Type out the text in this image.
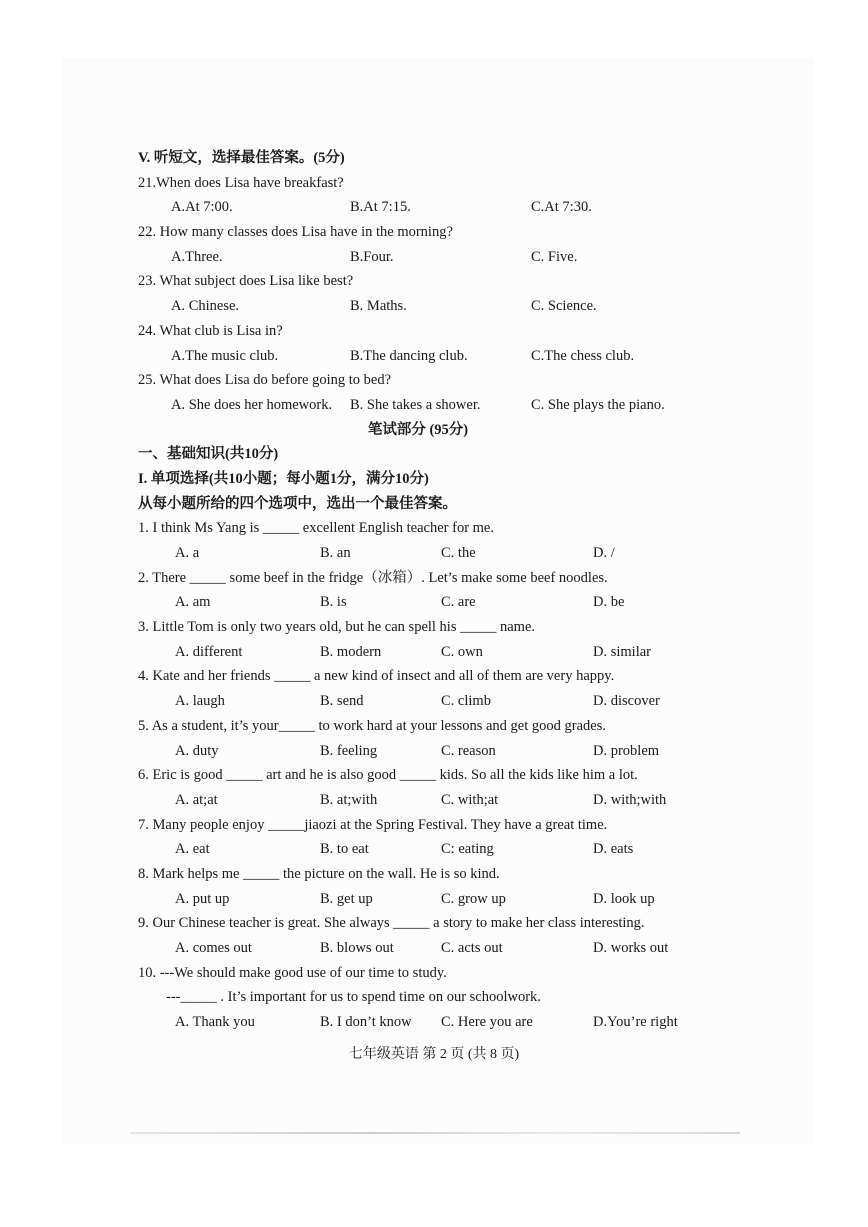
V. 听短文，选择最佳答案。(5分)
21.When does Lisa have breakfast?
A.At 7:00.	B.At 7:15.	C.At 7:30.
22. How many classes does Lisa have in the morning?
A.Three.	B.Four.	C. Five.
23. What subject does Lisa like best?
A. Chinese.	B. Maths.	C. Science.
24. What club is Lisa in?
A.The music club.	B.The dancing club.	C.The chess club.
25. What does Lisa do before going to bed?
A. She does her homework. B. She takes a shower.	C. She plays the piano.
笔试部分 (95分)
一、基础知识(共10分)
I. 单项选择(共10小题；每小题1分，满分10分)
从每小题所给的四个选项中，选出一个最佳答案。
1. I think Ms Yang is _____ excellent English teacher for me.
A. a	B. an	C. the	D. /
2. There _____ some beef in the fridge（冰箱）. Let’s make some beef noodles.
A. am	B. is	C. are	D. be
3. Little Tom is only two years old, but he can spell his _____ name.
A. different	B. modern	C. own	D. similar
4. Kate and her friends _____ a new kind of insect and all of them are very happy.
A. laugh	B. send	C. climb	D. discover
5. As a student, it’s your_____ to work hard at your lessons and get good grades.
A. duty	B. feeling	C. reason	D. problem
6. Eric is good _____ art and he is also good _____ kids. So all the kids like him a lot.
A. at;at	B. at;with	C. with;at	D. with;with
7. Many people enjoy _____jiaozi at the Spring Festival. They have a great time.
A. eat	B. to eat	C: eating	D. eats
8. Mark helps me _____ the picture on the wall. He is so kind.
A. put up	B. get up	C. grow up	D. look up
9. Our Chinese teacher is great. She always _____ a story to make her class interesting.
A. comes out	B. blows out	C. acts out	D. works out
10. ---We should make good use of our time to study.
---_____ . It’s important for us to spend time on our schoolwork.
A. Thank you	B. I don’t know C. Here you are	D.You’re right
七年级英语 第 2 页 (共 8 页)
